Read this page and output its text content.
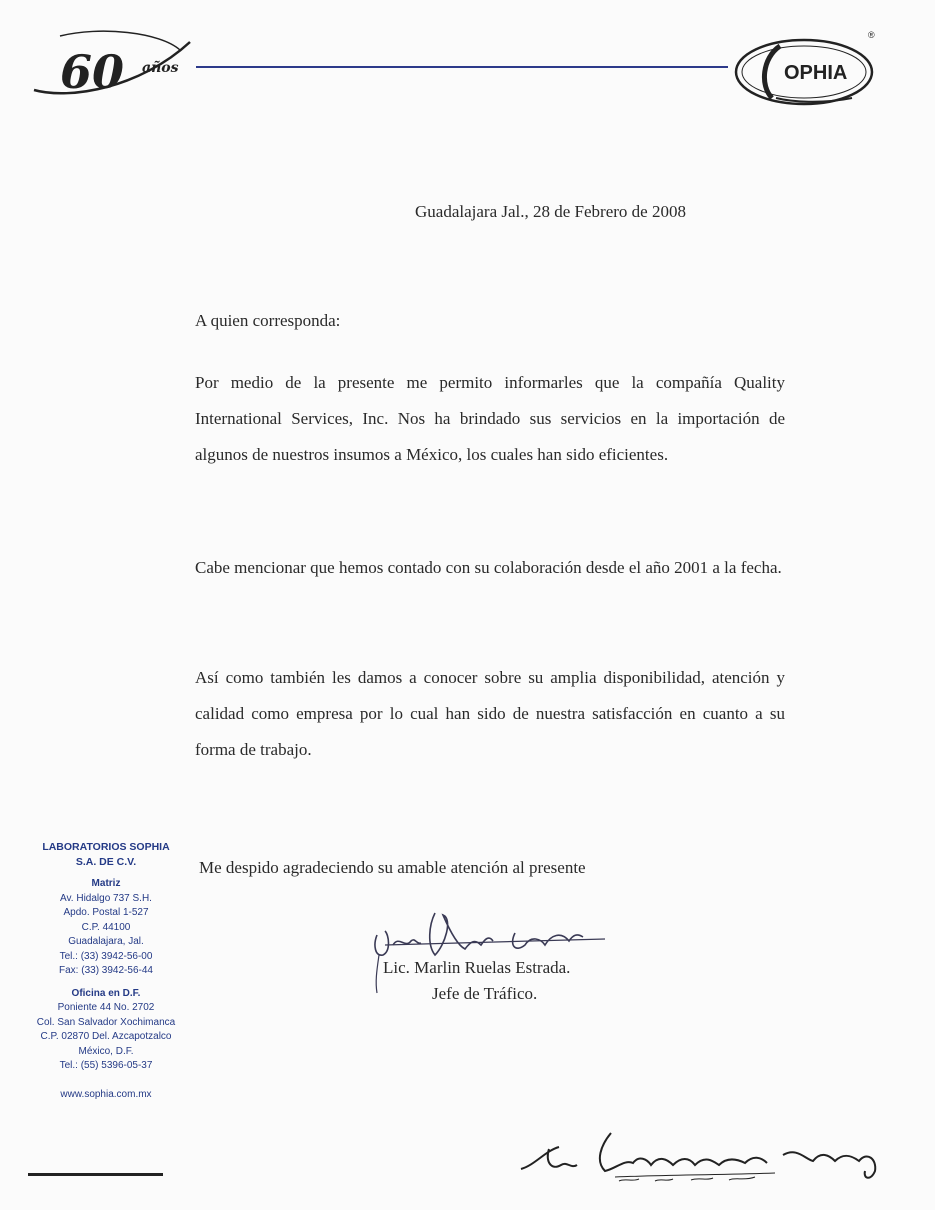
60 años	OPHIA
®
Guadalajara Jal., 28 de Febrero de 2008
A quien corresponda:
Por medio de la presente me permito informarles que la compañía Quality International Services, Inc. Nos ha brindado sus servicios en la importación de algunos de nuestros insumos a México, los cuales han sido eficientes.
Cabe mencionar que hemos contado con su colaboración desde el año 2001 a la fecha.
Así como también les damos a conocer sobre su amplia disponibilidad, atención y calidad como empresa por lo cual han sido de nuestra satisfacción en cuanto a su forma de trabajo.
Me despido agradeciendo su amable atención al presente
Lic. Marlin Ruelas Estrada.
Jefe de Tráfico.
LABORATORIOS SOPHIA
S.A. DE C.V.
Matriz
Av. Hidalgo 737 S.H.
Apdo. Postal 1-527
C.P. 44100
Guadalajara, Jal.
Tel.: (33) 3942-56-00
Fax: (33) 3942-56-44
Oficina en D.F.
Poniente 44 No. 2702
Col. San Salvador Xochimanca
C.P. 02870 Del. Azcapotzalco
México, D.F.
Tel.: (55) 5396-05-37
www.sophia.com.mx
